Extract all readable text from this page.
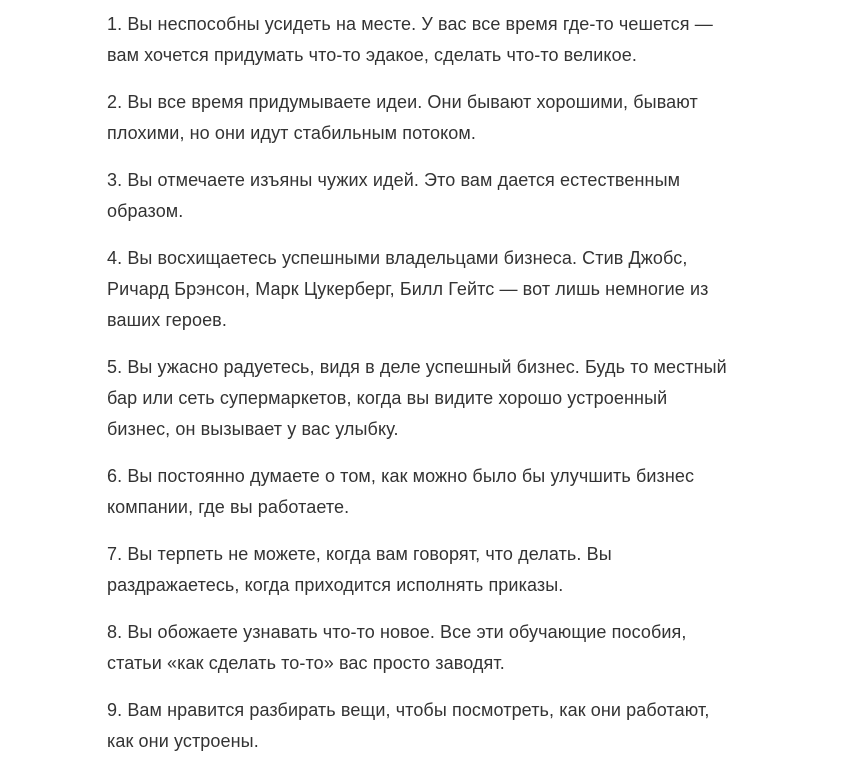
1. Вы неспособны усидеть на месте. У вас все время где-то чешется —
вам хочется придумать что-то эдакое, сделать что-то великое.

2. Вы все время придумываете идеи. Они бывают хорошими, бывают
плохими, но они идут стабильным потоком.

3. Вы отмечаете изъяны чужих идей. Это вам дается естественным
образом.

4. Вы восхищаетесь успешными владельцами бизнеса. Стив Джобс,
Ричард Брэнсон, Марк Цукерберг, Билл Гейтс — вот лишь немногие из
ваших героев.

5. Вы ужасно радуетесь, видя в деле успешный бизнес. Будь то местный
бар или сеть супермаркетов, когда вы видите хорошо устроенный
бизнес, он вызывает у вас улыбку.

6. Вы постоянно думаете о том, как можно было бы улучшить бизнес
компании, где вы работаете.

7. Вы терпеть не можете, когда вам говорят, что делать. Вы
раздражаетесь, когда приходится исполнять приказы.

8. Вы обожаете узнавать что-то новое. Все эти обучающие пособия,
статьи «как сделать то-то» вас просто заводят.

9. Вам нравится разбирать вещи, чтобы посмотреть, как они работают,
как они устроены.
